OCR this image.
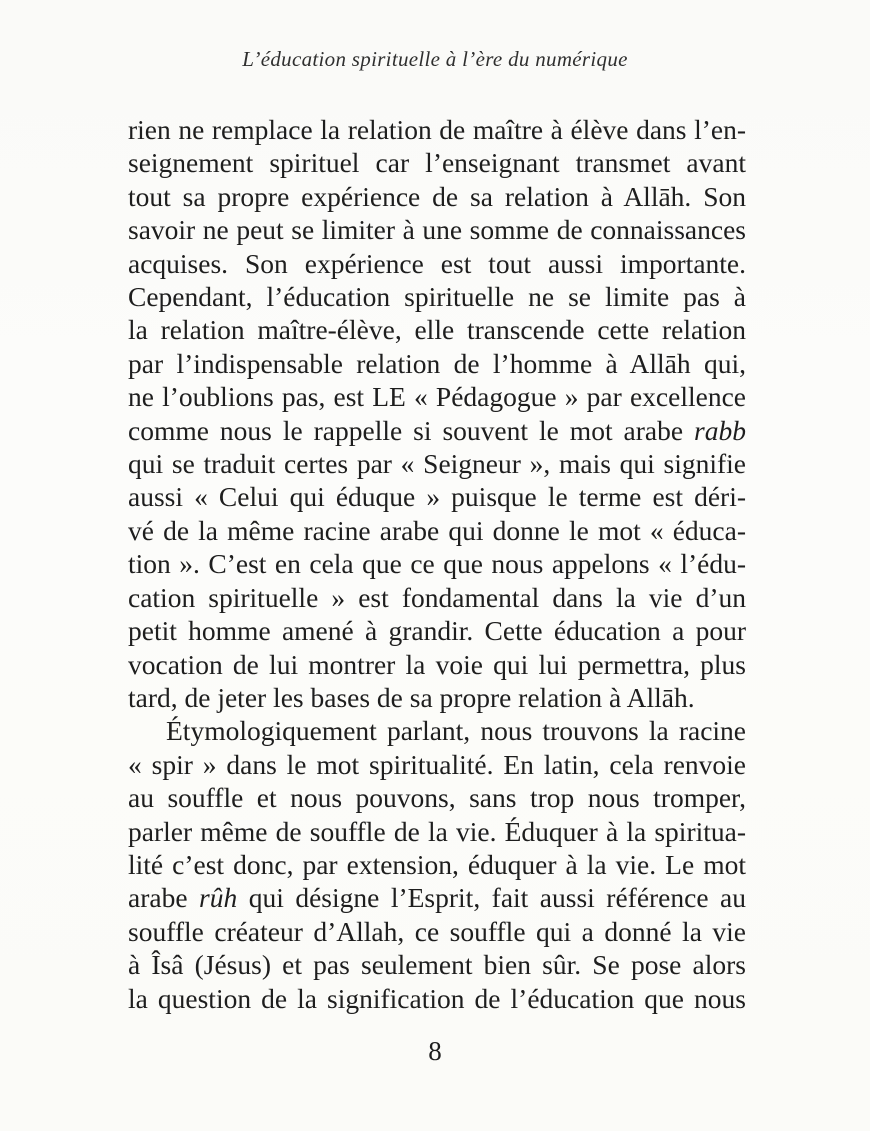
L’éducation spirituelle à l’ère du numérique
rien ne remplace la relation de maître à élève dans l’en-
seignement spirituel car l’enseignant transmet avant
tout sa propre expérience de sa relation à Allāh. Son
savoir ne peut se limiter à une somme de connaissances
acquises. Son expérience est tout aussi importante.
Cependant, l’éducation spirituelle ne se limite pas à
la relation maître-élève, elle transcende cette relation
par l’indispensable relation de l’homme à Allāh qui,
ne l’oublions pas, est LE « Pédagogue » par excellence
comme nous le rappelle si souvent le mot arabe rabb
qui se traduit certes par « Seigneur », mais qui signifie
aussi « Celui qui éduque » puisque le terme est déri-
vé de la même racine arabe qui donne le mot « éduca-
tion ». C’est en cela que ce que nous appelons « l’édu-
cation spirituelle » est fondamental dans la vie d’un
petit homme amené à grandir. Cette éducation a pour
vocation de lui montrer la voie qui lui permettra, plus
tard, de jeter les bases de sa propre relation à Allāh.
Étymologiquement parlant, nous trouvons la racine
« spir » dans le mot spiritualité. En latin, cela renvoie
au souffle et nous pouvons, sans trop nous tromper,
parler même de souffle de la vie. Éduquer à la spiritua-
lité c’est donc, par extension, éduquer à la vie. Le mot
arabe rûh qui désigne l’Esprit, fait aussi référence au
souffle créateur d’Allah, ce souffle qui a donné la vie
à Îsâ (Jésus) et pas seulement bien sûr. Se pose alors
la question de la signification de l’éducation que nous
8
